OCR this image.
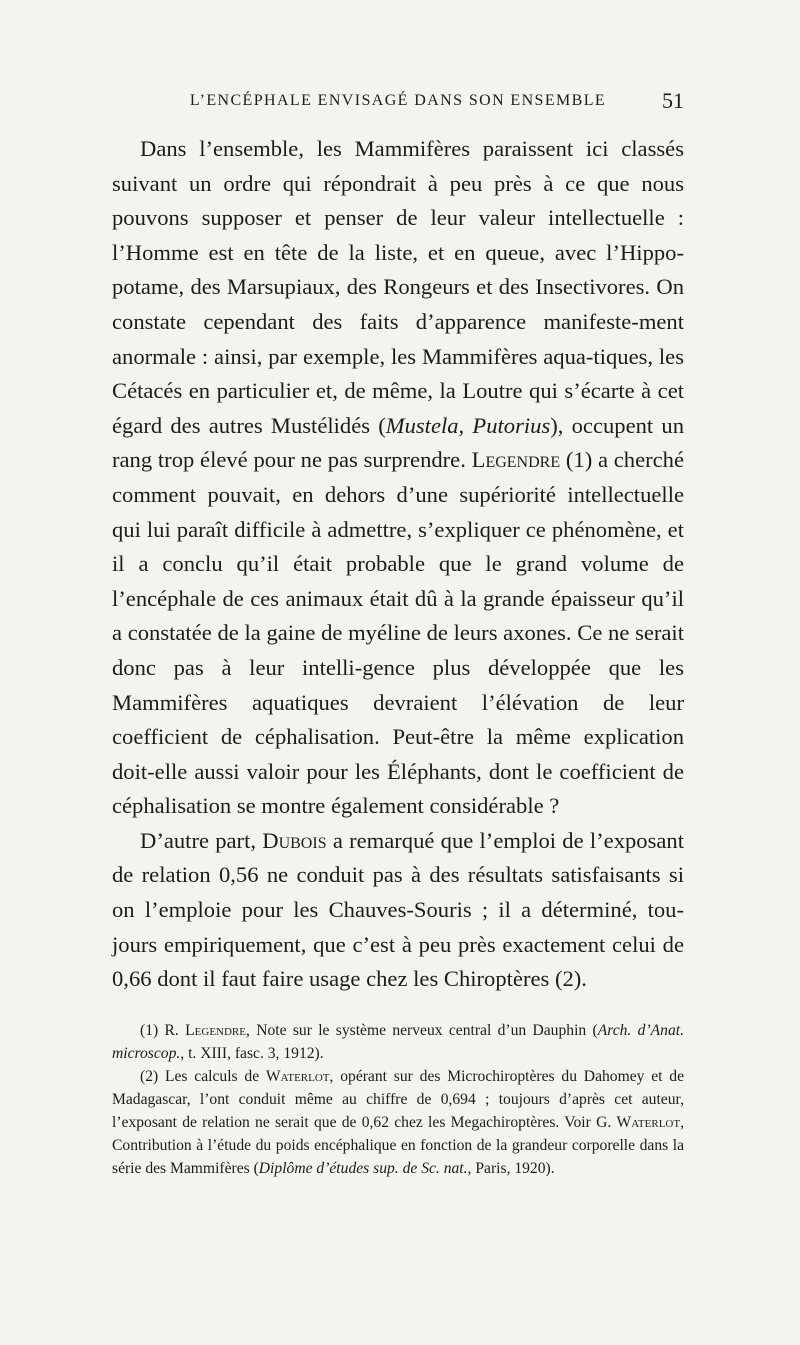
L’ENCÉPHALE ENVISAGÉ DANS SON ENSEMBLE	51

Dans l’ensemble, les Mammifères paraissent ici classés suivant un ordre qui répondrait à peu près à ce que nous pouvons supposer et penser de leur valeur intellectuelle : l’Homme est en tête de la liste, et en queue, avec l’Hippo-potame, des Marsupiaux, des Rongeurs et des Insectivores. On constate cependant des faits d’apparence manifeste-ment anormale : ainsi, par exemple, les Mammifères aqua-tiques, les Cétacés en particulier et, de même, la Loutre qui s’écarte à cet égard des autres Mustélidés (Mustela, Putorius), occupent un rang trop élevé pour ne pas surprendre. Legendre (1) a cherché comment pouvait, en dehors d’une supériorité intellectuelle qui lui paraît difficile à admettre, s’expliquer ce phénomène, et il a conclu qu’il était probable que le grand volume de l’encéphale de ces animaux était dû à la grande épaisseur qu’il a constatée de la gaine de myéline de leurs axones. Ce ne serait donc pas à leur intelli-gence plus développée que les Mammifères aquatiques devraient l’élévation de leur coefficient de céphalisation. Peut-être la même explication doit-elle aussi valoir pour les Éléphants, dont le coefficient de céphalisation se montre également considérable ?

D’autre part, Dubois a remarqué que l’emploi de l’exposant de relation 0,56 ne conduit pas à des résultats satisfaisants si on l’emploie pour les Chauves-Souris ; il a déterminé, tou-jours empiriquement, que c’est à peu près exactement celui de 0,66 dont il faut faire usage chez les Chiroptères (2).

(1) R. Legendre, Note sur le système nerveux central d’un Dauphin (Arch. d’Anat. microscop., t. XIII, fasc. 3, 1912).

(2) Les calculs de Waterlot, opérant sur des Microchiroptères du Dahomey et de Madagascar, l’ont conduit même au chiffre de 0,694 ; toujours d’après cet auteur, l’exposant de relation ne serait que de 0,62 chez les Megachiroptères. Voir G. Waterlot, Contribution à l’étude du poids encéphalique en fonction de la grandeur corporelle dans la série des Mammifères (Diplôme d’études sup. de Sc. nat., Paris, 1920).
